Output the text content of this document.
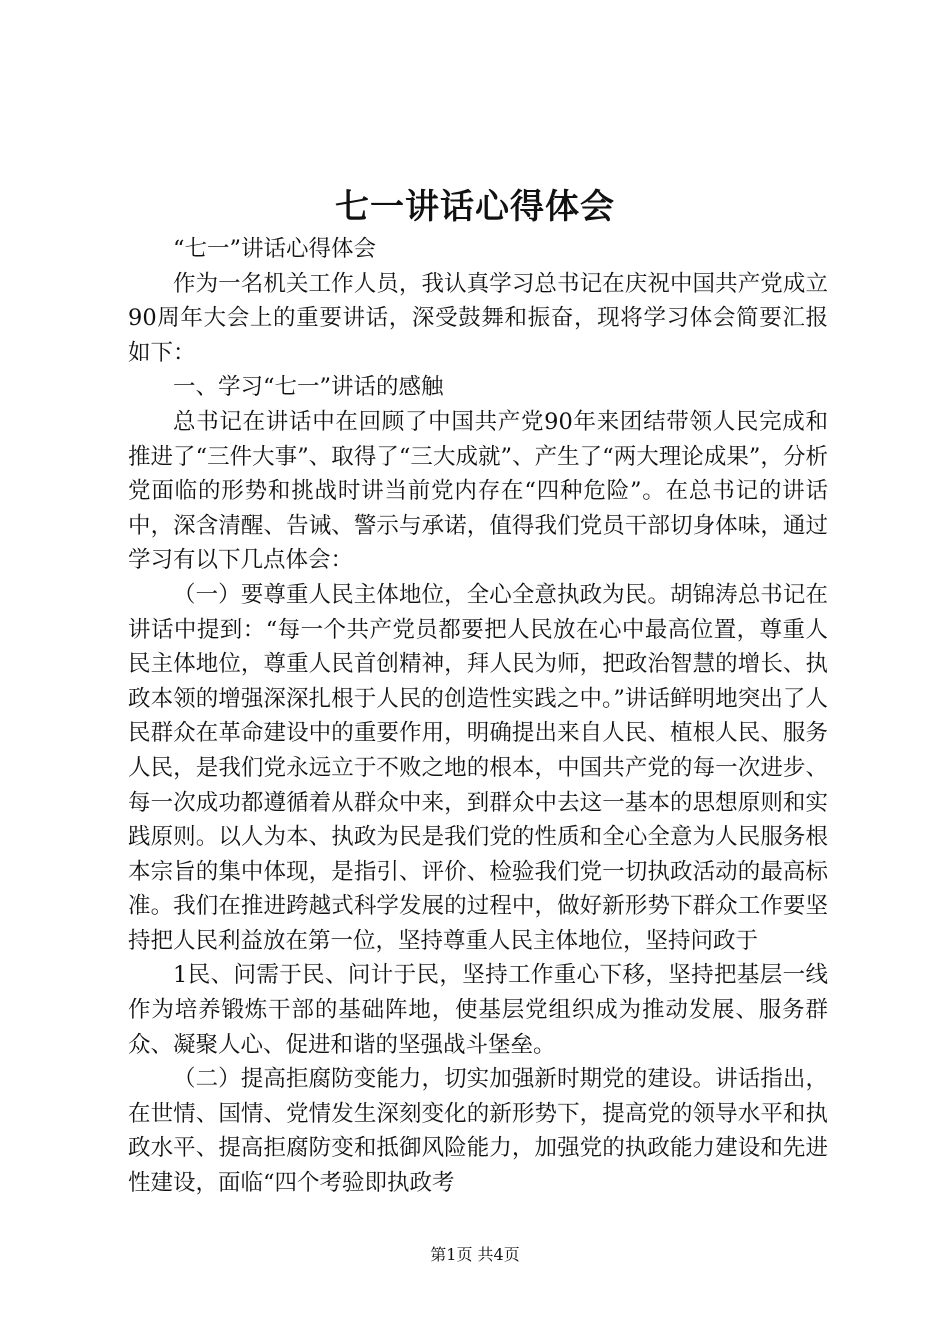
七一讲话心得体会

“七一”讲话心得体会

作为一名机关工作人员，我认真学习总书记在庆祝中国共产党成立90周年大会上的重要讲话，深受鼓舞和振奋，现将学习体会简要汇报如下：

一、学习“七一”讲话的感触

总书记在讲话中在回顾了中国共产党90年来团结带领人民完成和推进了“三件大事”、取得了“三大成就”、产生了“两大理论成果”，分析党面临的形势和挑战时讲当前党内存在“四种危险”。在总书记的讲话中，深含清醒、告诫、警示与承诺，值得我们党员干部切身体味，通过学习有以下几点体会：

（一）要尊重人民主体地位，全心全意执政为民。胡锦涛总书记在讲话中提到：“每一个共产党员都要把人民放在心中最高位置，尊重人民主体地位，尊重人民首创精神，拜人民为师，把政治智慧的增长、执政本领的增强深深扎根于人民的创造性实践之中。”讲话鲜明地突出了人民群众在革命建设中的重要作用，明确提出来自人民、植根人民、服务人民，是我们党永远立于不败之地的根本，中国共产党的每一次进步、每一次成功都遵循着从群众中来，到群众中去这一基本的思想原则和实践原则。以人为本、执政为民是我们党的性质和全心全意为人民服务根本宗旨的集中体现，是指引、评价、检验我们党一切执政活动的最高标准。我们在推进跨越式科学发展的过程中，做好新形势下群众工作要坚持把人民利益放在第一位，坚持尊重人民主体地位，坚持问政于

1民、问需于民、问计于民，坚持工作重心下移，坚持把基层一线作为培养锻炼干部的基础阵地，使基层党组织成为推动发展、服务群众、凝聚人心、促进和谐的坚强战斗堡垒。

（二）提高拒腐防变能力，切实加强新时期党的建设。讲话指出，在世情、国情、党情发生深刻变化的新形势下，提高党的领导水平和执政水平、提高拒腐防变和抵御风险能力，加强党的执政能力建设和先进性建设，面临“四个考验即执政考

第1页 共4页
